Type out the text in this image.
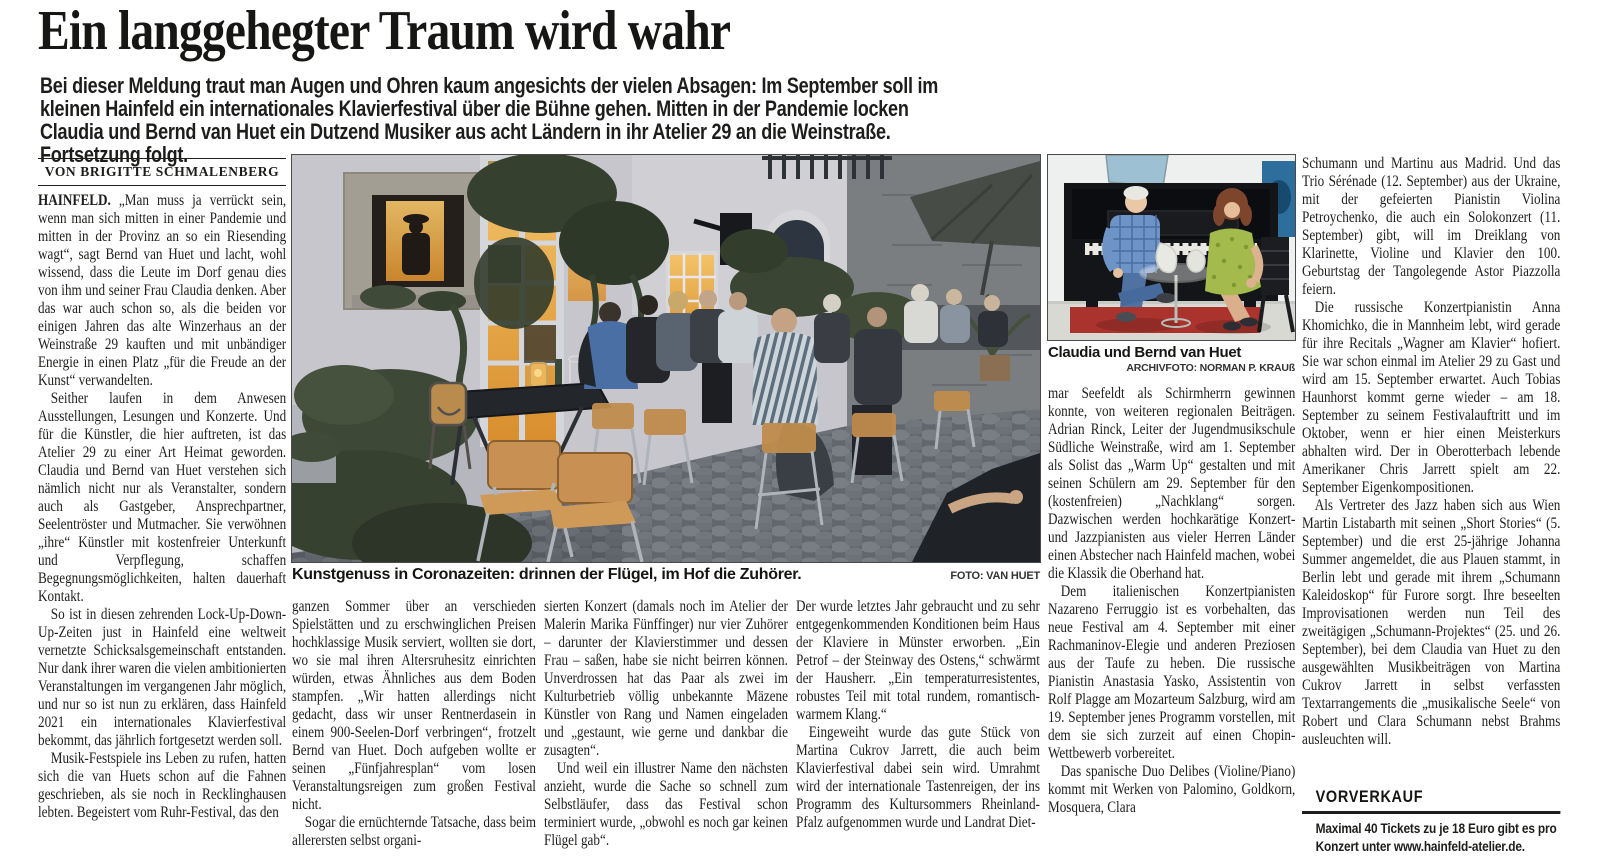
Ein langgehegter Traum wird wahr

Bei dieser Meldung traut man Augen und Ohren kaum angesichts der vielen Absagen: Im September soll im kleinen Hainfeld ein internationales Klavierfestival über die Bühne gehen. Mitten in der Pandemie locken Claudia und Bernd van Huet ein Dutzend Musiker aus acht Ländern in ihr Atelier 29 an die Weinstraße. Fortsetzung folgt.

VON BRIGITTE SCHMALENBERG

HAINFELD. „Man muss ja verrückt sein, wenn man sich mitten in einer Pandemie und mitten in der Provinz an so ein Riesending wagt“, sagt Bernd van Huet und lacht, wohl wissend, dass die Leute im Dorf genau dies von ihm und seiner Frau Claudia denken. Aber das war auch schon so, als die beiden vor einigen Jahren das alte Winzerhaus an der Weinstraße 29 kauften und mit unbändiger Energie in einen Platz „für die Freude an der Kunst“ verwandelten.

Seither laufen in dem Anwesen Ausstellungen, Lesungen und Konzerte. Und für die Künstler, die hier auftreten, ist das Atelier 29 zu einer Art Heimat geworden. Claudia und Bernd van Huet verstehen sich nämlich nicht nur als Veranstalter, sondern auch als Gastgeber, Ansprechpartner, Seelentröster und Mutmacher. Sie verwöhnen „ihre“ Künstler mit kostenfreier Unterkunft und Verpflegung, schaffen Begegnungsmöglichkeiten, halten dauerhaft Kontakt.

So ist in diesen zehrenden Lock-Up-Down-Up-Zeiten just in Hainfeld eine weltweit vernetzte Schicksalsgemeinschaft entstanden. Nur dank ihrer waren die vielen ambitionierten Veranstaltungen im vergangenen Jahr möglich, und nur so ist nun zu erklären, dass Hainfeld 2021 ein internationales Klavierfestival bekommt, das jährlich fortgesetzt werden soll.

Musik-Festspiele ins Leben zu rufen, hatten sich die van Huets schon auf die Fahnen geschrieben, als sie noch in Recklinghausen lebten. Begeistert vom Ruhr-Festival, das den

Kunstgenuss in Coronazeiten: drinnen der Flügel, im Hof die Zuhörer.	FOTO: VAN HUET

ganzen Sommer über an verschieden Spielstätten und zu erschwinglichen Preisen hochklassige Musik serviert, wollten sie dort, wo sie mal ihren Altersruhesitz einrichten würden, etwas Ähnliches aus dem Boden stampfen. „Wir hatten allerdings nicht gedacht, dass wir unser Rentnerdasein in einem 900-Seelen-Dorf verbringen“, frotzelt Bernd van Huet. Doch aufgeben wollte er seinen „Fünfjahresplan“ vom losen Veranstaltungsreigen zum großen Festival nicht.

Sogar die ernüchternde Tatsache, dass beim allerersten selbst organi-

sierten Konzert (damals noch im Atelier der Malerin Marika Fünffinger) nur vier Zuhörer – darunter der Klavierstimmer und dessen Frau – saßen, habe sie nicht beirren können. Unverdrossen hat das Paar als zwei im Kulturbetrieb völlig unbekannte Mäzene Künstler von Rang und Namen eingeladen und „gestaunt, wie gerne und dankbar die zusagten“.

Und weil ein illustrer Name den nächsten anzieht, wurde die Sache so schnell zum Selbstläufer, dass das Festival schon terminiert wurde, „obwohl es noch gar keinen Flügel gab“.

Der wurde letztes Jahr gebraucht und zu sehr entgegenkommenden Konditionen beim Haus der Klaviere in Münster erworben. „Ein Petrof – der Steinway des Ostens,“ schwärmt der Hausherr. „Ein temperaturresistentes, robustes Teil mit total rundem, romantisch-warmem Klang.“

Eingeweiht wurde das gute Stück von Martina Cukrov Jarrett, die auch beim Klavierfestival dabei sein wird. Umrahmt wird der internationale Tastenreigen, der ins Programm des Kultursommers Rheinland-Pfalz aufgenommen wurde und Landrat Diet-

Claudia und Bernd van Huet
ARCHIVFOTO: NORMAN P. KRAUß

mar Seefeldt als Schirmherrn gewinnen konnte, von weiteren regionalen Beiträgen. Adrian Rinck, Leiter der Jugendmusikschule Südliche Weinstraße, wird am 1. September als Solist das „Warm Up“ gestalten und mit seinen Schülern am 29. September für den (kostenfreien) „Nachklang“ sorgen. Dazwischen werden hochkarätige Konzert- und Jazzpianisten aus vieler Herren Länder einen Abstecher nach Hainfeld machen, wobei die Klassik die Oberhand hat.

Dem italienischen Konzertpianisten Nazareno Ferruggio ist es vorbehalten, das neue Festival am 4. September mit einer Rachmaninov-Elegie und anderen Preziosen aus der Taufe zu heben. Die russische Pianistin Anastasia Yasko, Assistentin von Rolf Plagge am Mozarteum Salzburg, wird am 19. September jenes Programm vorstellen, mit dem sie sich zurzeit auf einen Chopin-Wettbewerb vorbereitet.

Das spanische Duo Delibes (Violine/Piano) kommt mit Werken von Palomino, Goldkorn, Mosquera, Clara

Schumann und Martinu aus Madrid. Und das Trio Sérénade (12. September) aus der Ukraine, mit der gefeierten Pianistin Violina Petroychenko, die auch ein Solokonzert (11. September) gibt, will im Dreiklang von Klarinette, Violine und Klavier den 100. Geburtstag der Tangolegende Astor Piazzolla feiern.

Die russische Konzertpianistin Anna Khomichko, die in Mannheim lebt, wird gerade für ihre Recitals „Wagner am Klavier“ hofiert. Sie war schon einmal im Atelier 29 zu Gast und wird am 15. September erwartet. Auch Tobias Haunhorst kommt gerne wieder – am 18. September zu seinem Festivalauftritt und im Oktober, wenn er hier einen Meisterkurs abhalten wird. Der in Oberotterbach lebende Amerikaner Chris Jarrett spielt am 22. September Eigenkompositionen.

Als Vertreter des Jazz haben sich aus Wien Martin Listabarth mit seinen „Short Stories“ (5. September) und die erst 25-jährige Johanna Summer angemeldet, die aus Plauen stammt, in Berlin lebt und gerade mit ihrem „Schumann Kaleidoskop“ für Furore sorgt. Ihre beseelten Improvisationen werden nun Teil des zweitägigen „Schumann-Projektes“ (25. und 26. September), bei dem Claudia van Huet zu den ausgewählten Musikbeiträgen von Martina Cukrov Jarrett in selbst verfassten Textarrangements die „musikalische Seele“ von Robert und Clara Schumann nebst Brahms ausleuchten will.

VORVERKAUF
Maximal 40 Tickets zu je 18 Euro gibt es pro Konzert unter www.hainfeld-atelier.de.
